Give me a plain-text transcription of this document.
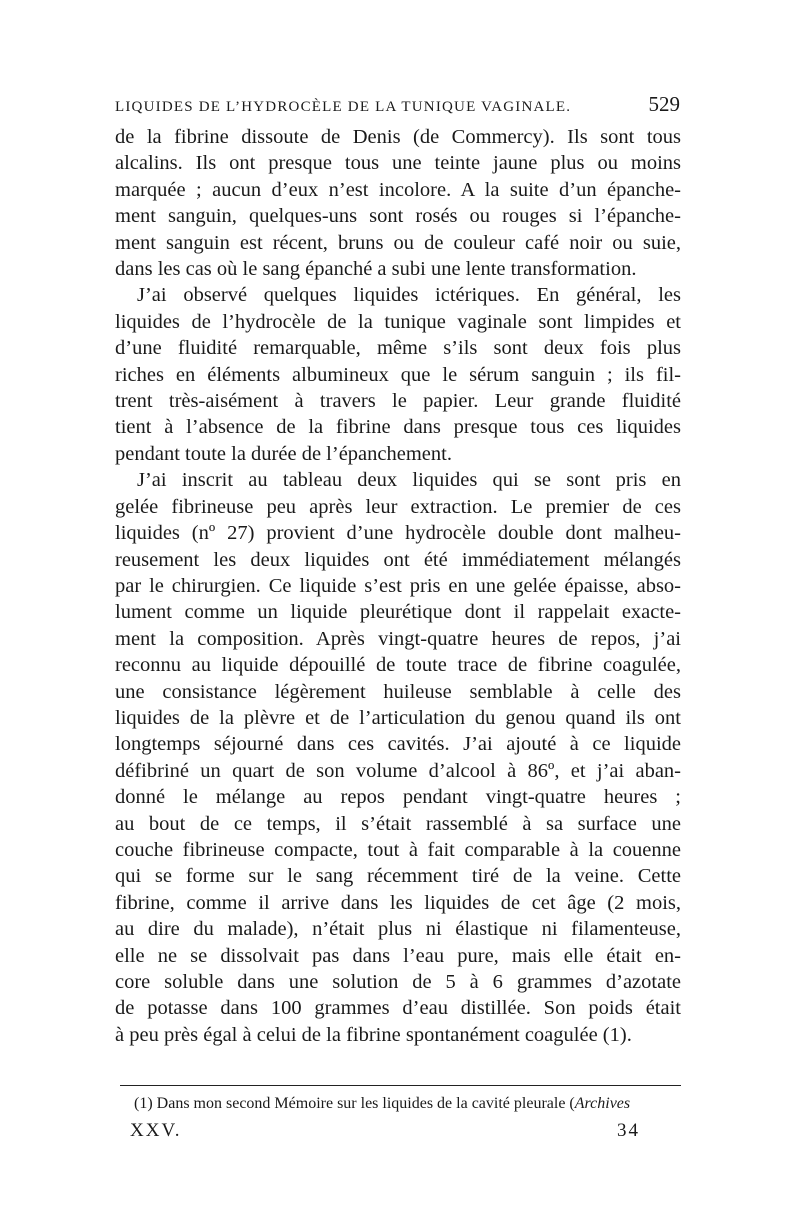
LIQUIDES DE L’HYDROCÈLE DE LA TUNIQUE VAGINALE.	529

de la fibrine dissoute de Denis (de Commercy). Ils sont tous
alcalins. Ils ont presque tous une teinte jaune plus ou moins
marquée ; aucun d’eux n’est incolore. A la suite d’un épanche-
ment sanguin, quelques-uns sont rosés ou rouges si l’épanche-
ment sanguin est récent, bruns ou de couleur café noir ou suie,
dans les cas où le sang épanché a subi une lente transformation.

J’ai observé quelques liquides ictériques. En général, les
liquides de l’hydrocèle de la tunique vaginale sont limpides et
d’une fluidité remarquable, même s’ils sont deux fois plus
riches en éléments albumineux que le sérum sanguin ; ils fil-
trent très-aisément à travers le papier. Leur grande fluidité
tient à l’absence de la fibrine dans presque tous ces liquides
pendant toute la durée de l’épanchement.

J’ai inscrit au tableau deux liquides qui se sont pris en
gelée fibrineuse peu après leur extraction. Le premier de ces
liquides (nº 27) provient d’une hydrocèle double dont malheu-
reusement les deux liquides ont été immédiatement mélangés
par le chirurgien. Ce liquide s’est pris en une gelée épaisse, abso-
lument comme un liquide pleurétique dont il rappelait exacte-
ment la composition. Après vingt-quatre heures de repos, j’ai
reconnu au liquide dépouillé de toute trace de fibrine coagulée,
une consistance légèrement huileuse semblable à celle des
liquides de la plèvre et de l’articulation du genou quand ils ont
longtemps séjourné dans ces cavités. J’ai ajouté à ce liquide
défibriné un quart de son volume d’alcool à 86º, et j’ai aban-
donné le mélange au repos pendant vingt-quatre heures ;
au bout de ce temps, il s’était rassemblé à sa surface une
couche fibrineuse compacte, tout à fait comparable à la couenne
qui se forme sur le sang récemment tiré de la veine. Cette
fibrine, comme il arrive dans les liquides de cet âge (2 mois,
au dire du malade), n’était plus ni élastique ni filamenteuse,
elle ne se dissolvait pas dans l’eau pure, mais elle était en-
core soluble dans une solution de 5 à 6 grammes d’azotate
de potasse dans 100 grammes d’eau distillée. Son poids était
à peu près égal à celui de la fibrine spontanément coagulée (1).

(1) Dans mon second Mémoire sur les liquides de la cavité pleurale (Archives
XXV.	34
